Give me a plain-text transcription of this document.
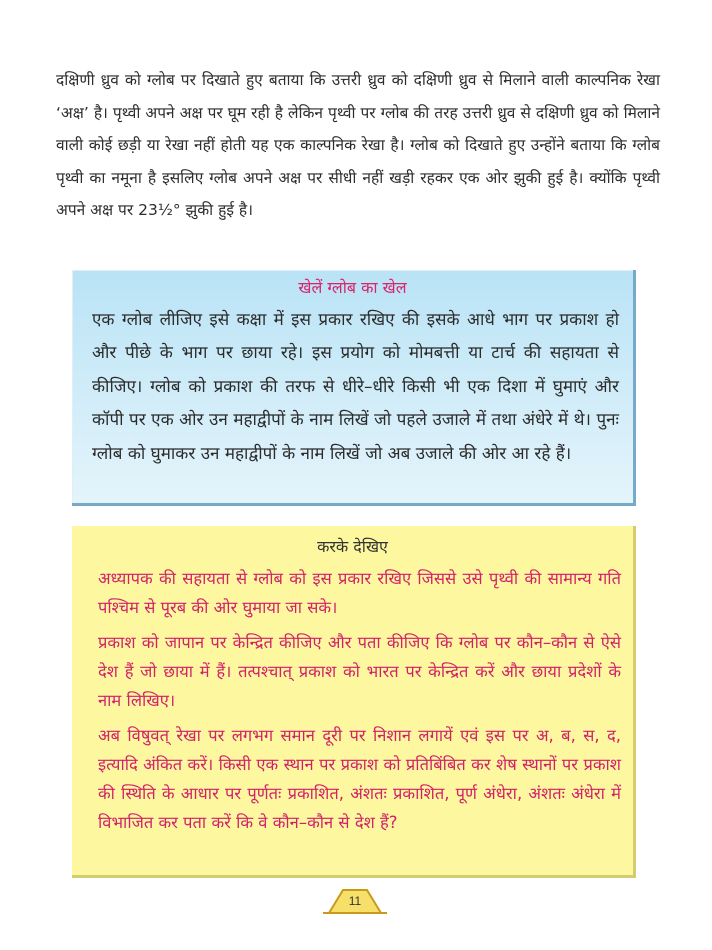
दक्षिणी ध्रुव को ग्लोब पर दिखाते हुए बताया कि उत्तरी ध्रुव को दक्षिणी ध्रुव से मिलाने वाली काल्पनिक रेखा ‘अक्ष’ है। पृथ्वी अपने अक्ष पर घूम रही है लेकिन पृथ्वी पर ग्लोब की तरह उत्तरी ध्रुव से दक्षिणी ध्रुव को मिलाने वाली कोई छड़ी या रेखा नहीं होती यह एक काल्पनिक रेखा है। ग्लोब को दिखाते हुए उन्होंने बताया कि ग्लोब पृथ्वी का नमूना है इसलिए ग्लोब अपने अक्ष पर सीधी नहीं खड़ी रहकर एक ओर झुकी हुई है। क्योंकि पृथ्वी अपने अक्ष पर 23½° झुकी हुई है।

खेलें ग्लोब का खेल

एक ग्लोब लीजिए इसे कक्षा में इस प्रकार रखिए की इसके आधे भाग पर प्रकाश हो और पीछे के भाग पर छाया रहे। इस प्रयोग को मोमबत्ती या टार्च की सहायता से कीजिए। ग्लोब को प्रकाश की तरफ से धीरे–धीरे किसी भी एक दिशा में घुमाएं और कॉपी पर एक ओर उन महाद्वीपों के नाम लिखें जो पहले उजाले में तथा अंधेरे में थे। पुनः ग्लोब को घुमाकर उन महाद्वीपों के नाम लिखें जो अब उजाले की ओर आ रहे हैं।

करके देखिए

अध्यापक की सहायता से ग्लोब को इस प्रकार रखिए जिससे उसे पृथ्वी की सामान्य गति पश्चिम से पूरब की ओर घुमाया जा सके।

प्रकाश को जापान पर केन्द्रित कीजिए और पता कीजिए कि ग्लोब पर कौन–कौन से ऐसे देश हैं जो छाया में हैं। तत्पश्चात् प्रकाश को भारत पर केन्द्रित करें और छाया प्रदेशों के नाम लिखिए।

अब विषुवत् रेखा पर लगभग समान दूरी पर निशान लगायें एवं इस पर अ, ब, स, द, इत्यादि अंकित करें। किसी एक स्थान पर प्रकाश को प्रतिबिंबित कर शेष स्थानों पर प्रकाश की स्थिति के आधार पर पूर्णतः प्रकाशित, अंशतः प्रकाशित, पूर्ण अंधेरा, अंशतः अंधेरा में विभाजित कर पता करें कि वे कौन–कौन से देश हैं?

11
